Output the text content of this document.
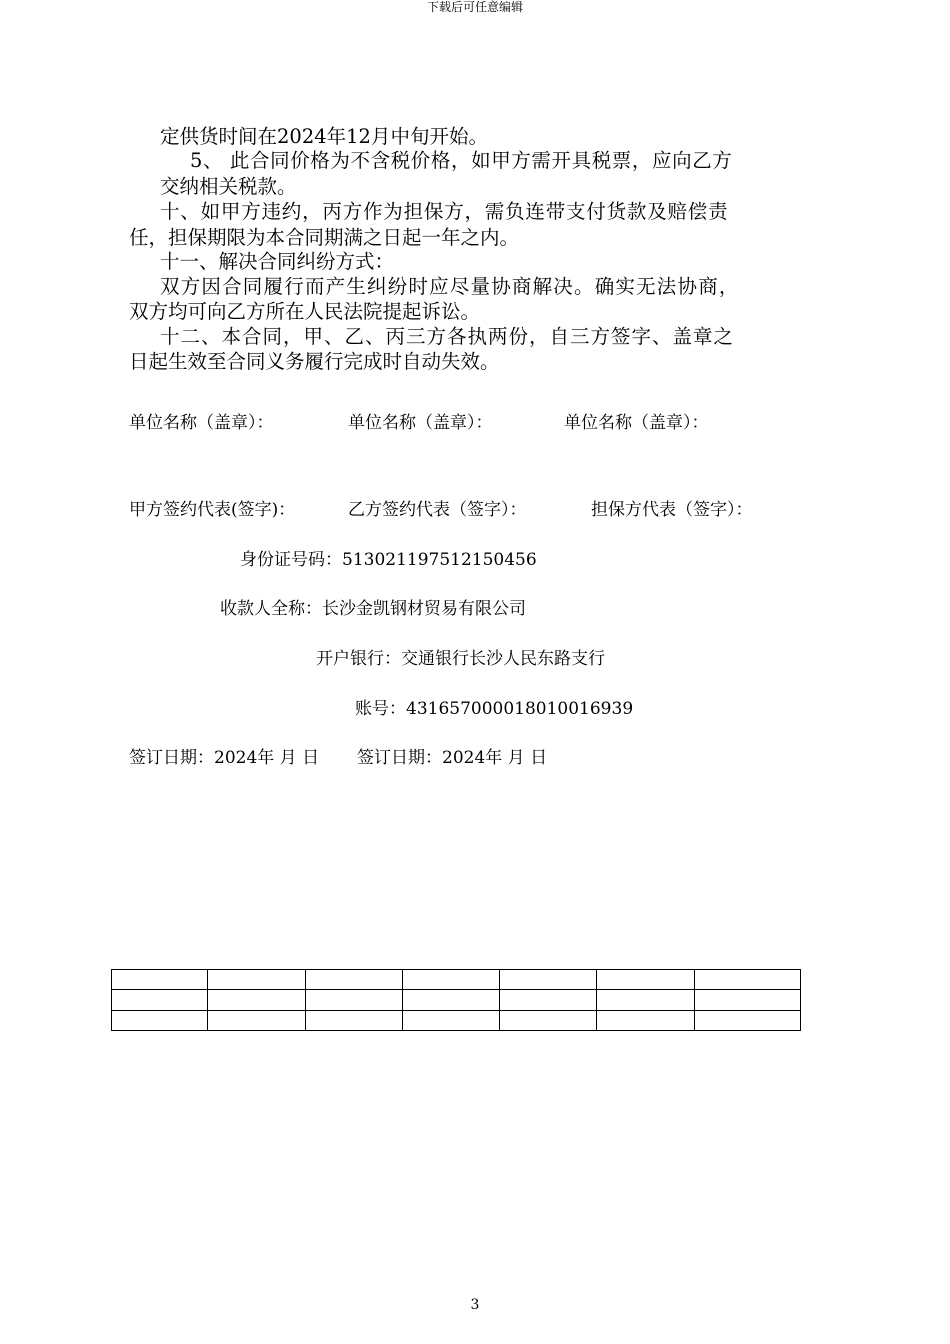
下载后可任意编辑

定供货时间在2024年12月中旬开始。

5、 此合同价格为不含税价格，如甲方需开具税票，应向乙方

交纳相关税款。

十、如甲方违约，丙方作为担保方，需负连带支付货款及赔偿责

任，担保期限为本合同期满之日起一年之内。

十一、解决合同纠纷方式：

双方因合同履行而产生纠纷时应尽量协商解决。确实无法协商，

双方均可向乙方所在人民法院提起诉讼。

十二、本合同，甲、乙、丙三方各执两份，自三方签字、盖章之

日起生效至合同义务履行完成时自动失效。

单位名称（盖章）：	单位名称（盖章）：	单位名称（盖章）：

甲方签约代表(签字)：	乙方签约代表（签字）：	担保方代表（签字）：

身份证号码：513021197512150456

收款人全称：长沙金凯钢材贸易有限公司

开户银行：交通银行长沙人民东路支行

账号：431657000018010016939

签订日期：2024年 月 日 签订日期：2024年 月 日

3
